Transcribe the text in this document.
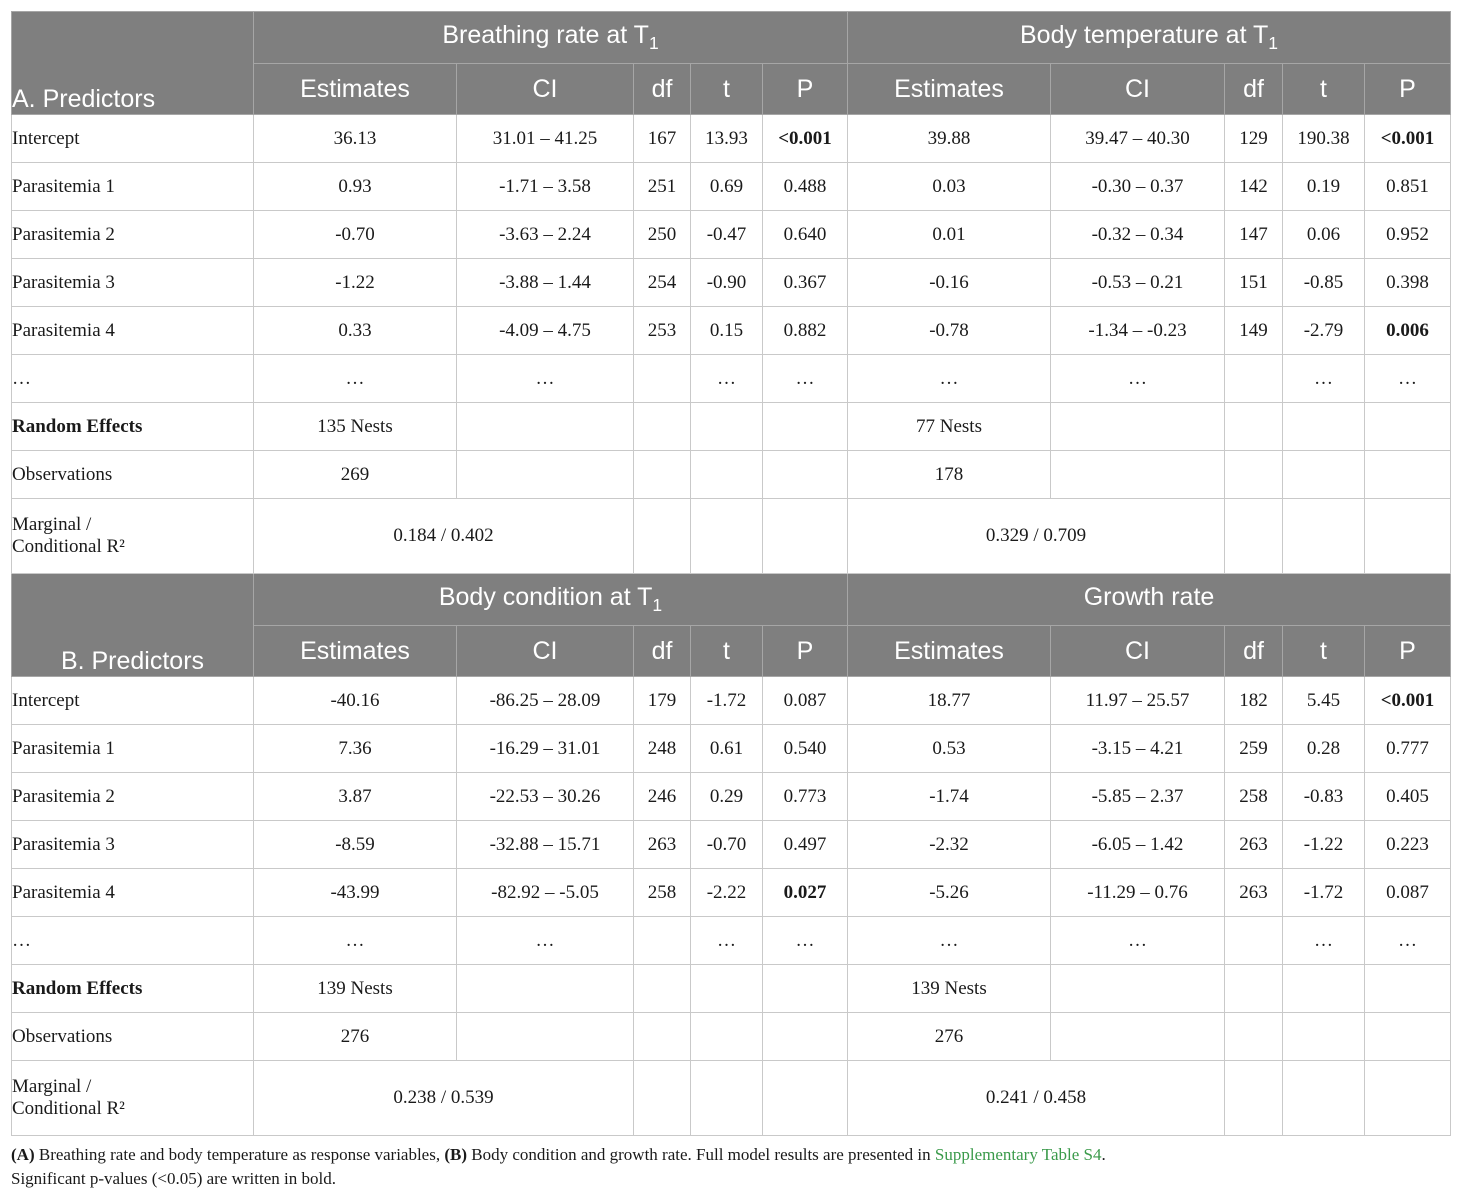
A. Predictors	Breathing rate at $T_1$					Body temperature at $T_1$
	Estimates	CI	df	t	P	Estimates	CI	df	t	P
Intercept	36.13	31.01 – 41.25	167	13.93	<0.001	39.88	39.47 – 40.30	129	190.38	<0.001
Parasitemia 1	0.93	-1.71 – 3.58	251	0.69	0.488	0.03	-0.30 – 0.37	142	0.19	0.851
Parasitemia 2	-0.70	-3.63 – 2.24	250	-0.47	0.640	0.01	-0.32 – 0.34	147	0.06	0.952
Parasitemia 3	-1.22	-3.88 – 1.44	254	-0.90	0.367	-0.16	-0.53 – 0.21	151	-0.85	0.398
Parasitemia 4	0.33	-4.09 – 4.75	253	0.15	0.882	-0.78	-1.34 – -0.23	149	-2.79	0.006
…	…	…		…	…	…	…		…	…
Random Effects	135 Nests					77 Nests				
Observations	269					178				

Marginal /
Conditional R²	0.184 / 0.402					0.329 / 0.709				
B. Predictors	Body condition at $T_1$					Growth rate				
	Estimates	CI	df	t	P	Estimates	CI	df	t	P
Intercept	-40.16	-86.25 – 28.09	179	-1.72	0.087	18.77	11.97 – 25.57	182	5.45	<0.001
Parasitemia 1	7.36	-16.29 – 31.01	248	0.61	0.540	0.53	-3.15 – 4.21	259	0.28	0.777
Parasitemia 2	3.87	-22.53 – 30.26	246	0.29	0.773	-1.74	-5.85 – 2.37	258	-0.83	0.405
Parasitemia 3	-8.59	-32.88 – 15.71	263	-0.70	0.497	-2.32	-6.05 – 1.42	263	-1.22	0.223
Parasitemia 4	-43.99	-82.92 – -5.05	258	-2.22	0.027	-5.26	-11.29 – 0.76	263	-1.72	0.087
…	…	…		…	…	…	…		…	…
Random Effects	139 Nests					139 Nests				
Observations	276					276				

Marginal /
Conditional R²	0.238 / 0.539					0.241 / 0.458				
(A) Breathing rate and body temperature as response variables, (B) Body condition and growth rate. Full model results are presented in Supplementary Table S4.
Significant p-values (<0.05) are written in bold.
